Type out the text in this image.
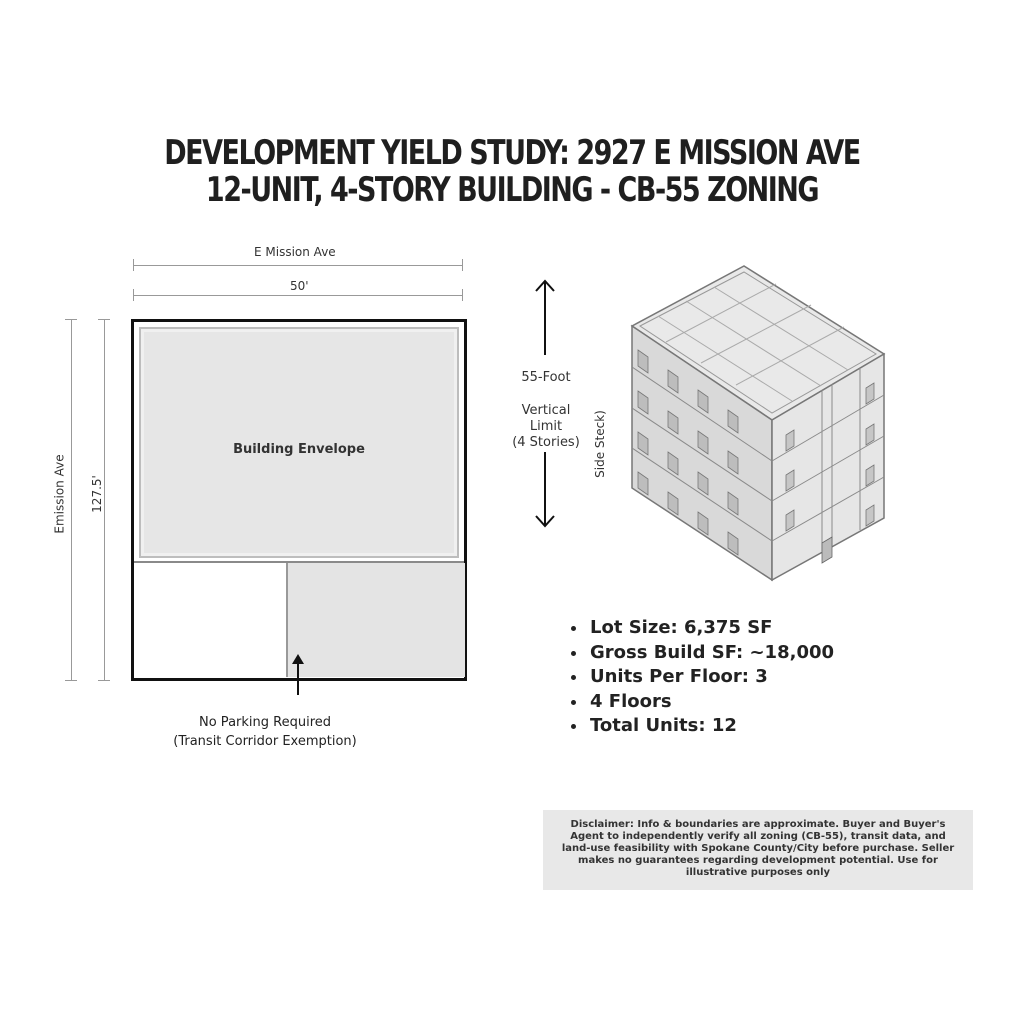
DEVELOPMENT YIELD STUDY: 2927 E MISSION AVE
12-UNIT, 4-STORY BUILDING - CB-55 ZONING
E Mission Ave
50'
Emission Ave 127.5'
Building Envelope
No Parking Required
(Transit Corridor Exemption)
55-Foot
Vertical
Limit
(4 Stories)	Side Steck)
• Lot Size: 6,375 SF
• Gross Build SF: ~18,000
• Units Per Floor: 3
• 4 Floors
• Total Units: 12
Disclaimer: Info & boundaries are approximate. Buyer and Buyer's Agent to independently verify all zoning (CB-55), transit data, and land-use feasibility with Spokane County/City before purchase. Seller makes no guarantees regarding development potential. Use for illustrative purposes only
